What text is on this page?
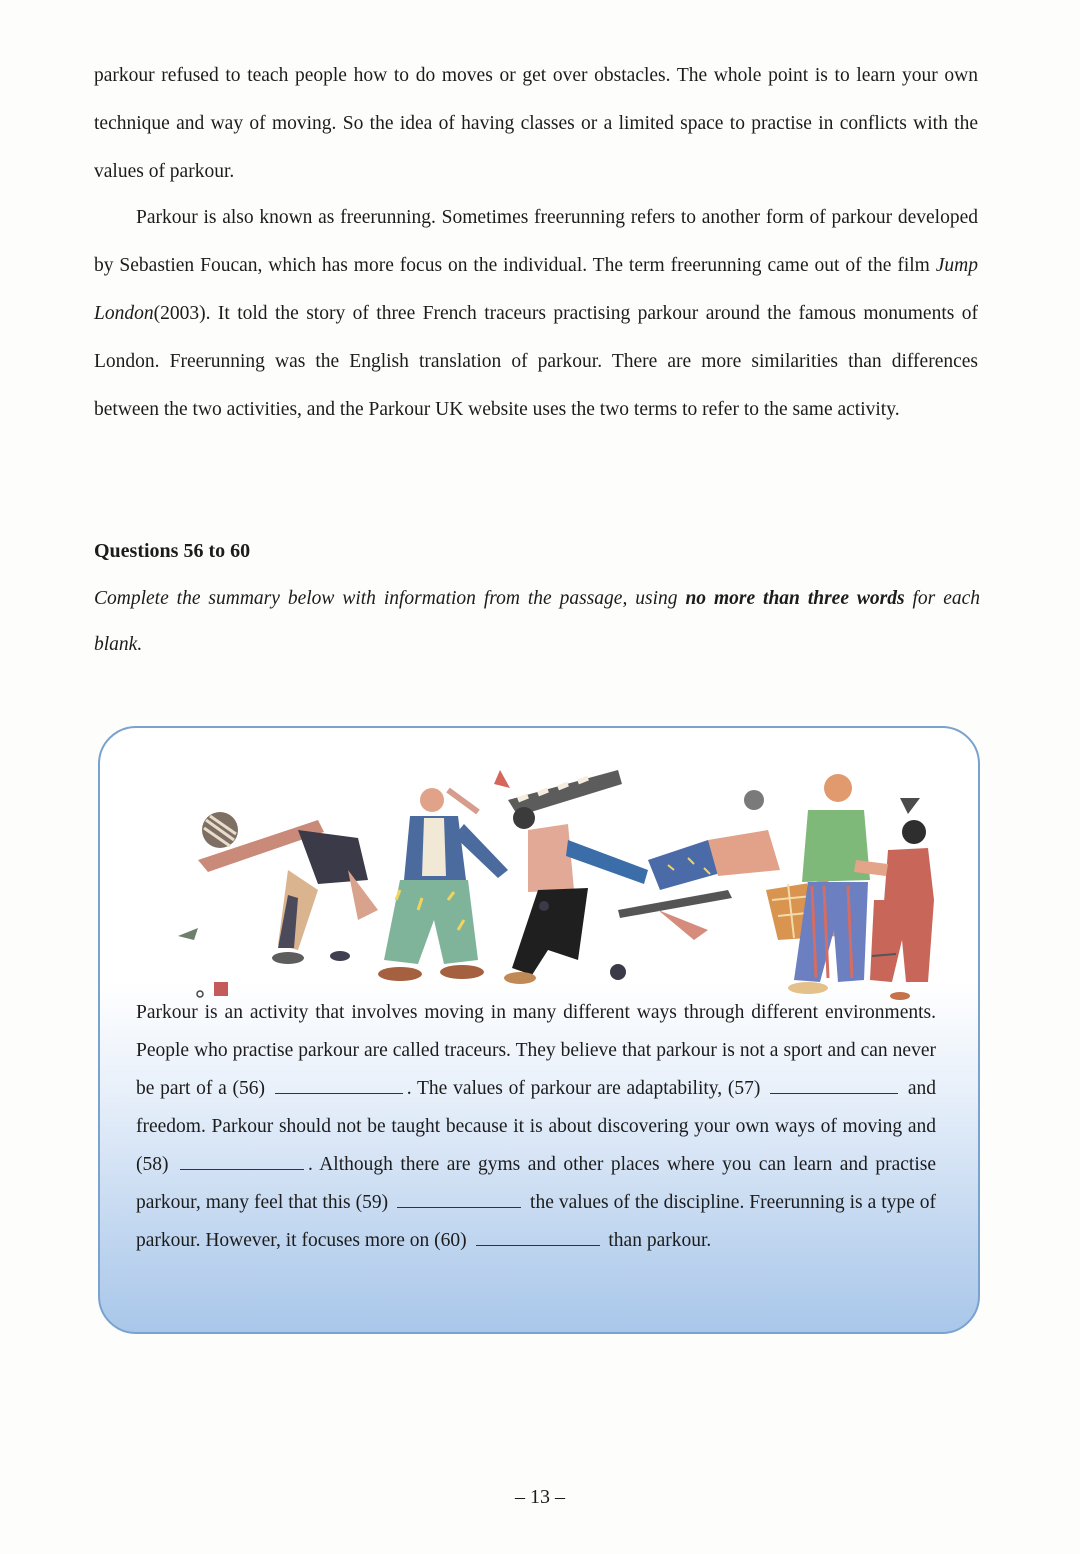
parkour refused to teach people how to do moves or get over obstacles. The whole point is to learn your own technique and way of moving. So the idea of having classes or a limited space to practise in conflicts with the values of parkour.

Parkour is also known as freerunning. Sometimes freerunning refers to another form of parkour developed by Sebastien Foucan, which has more focus on the individual. The term freerunning came out of the film Jump London(2003). It told the story of three French traceurs practising parkour around the famous monuments of London. Freerunning was the English translation of parkour. There are more similarities than differences between the two activities, and the Parkour UK website uses the two terms to refer to the same activity.

Questions 56 to 60

Complete the summary below with information from the passage, using no more than three words for each blank.

Parkour is an activity that involves moving in many different ways through different environments. People who practise parkour are called traceurs. They believe that parkour is not a sport and can never be part of a (56)	. The values of parkour are adaptability, (57)	and freedom. Parkour should not be taught because it is about discovering your own ways of moving and (58)	. Although there are gyms and other places where you can learn and practise parkour, many feel that this (59)	the values of the discipline. Freerunning is a type of parkour. However, it focuses more on (60)	than parkour.

– 13 –
